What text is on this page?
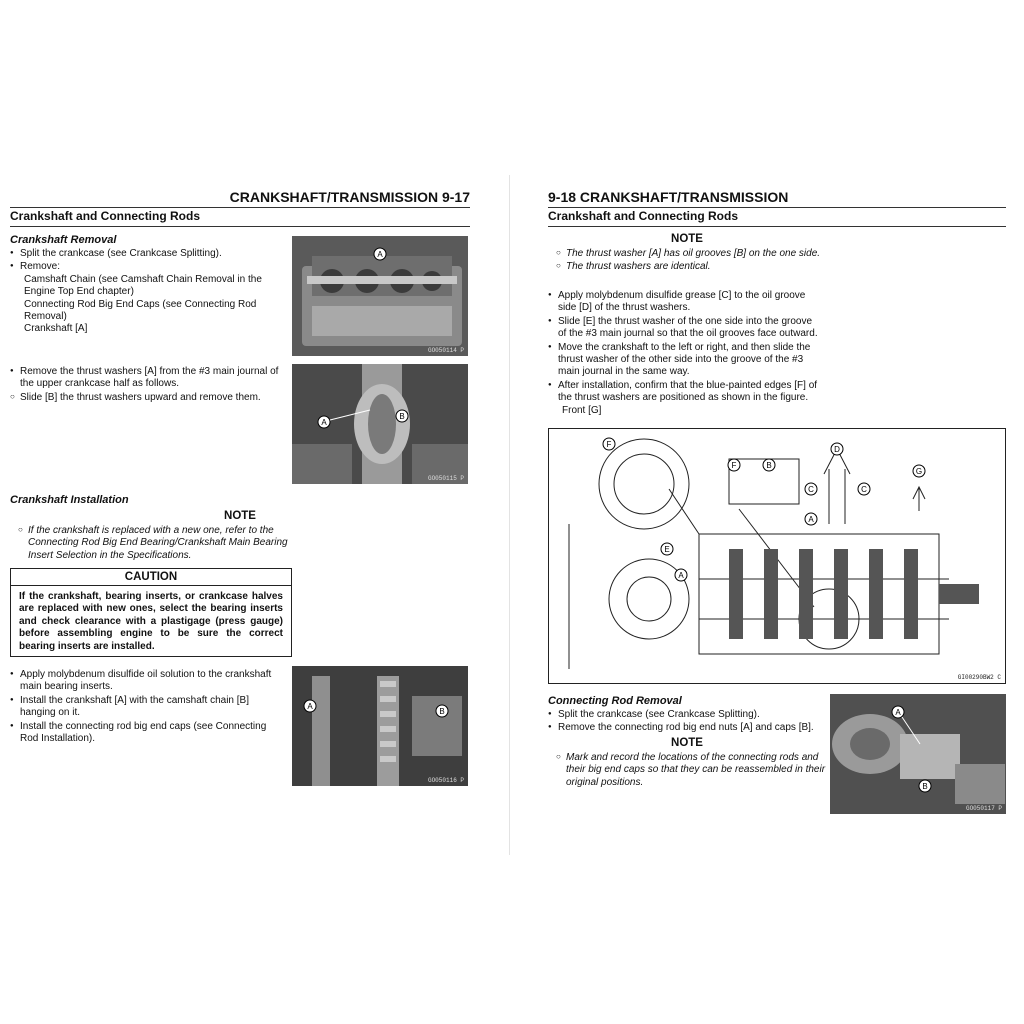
CRANKSHAFT/TRANSMISSION 9-17
Crankshaft and Connecting Rods
Crankshaft Removal
● Split the crankcase (see Crankcase Splitting).
● Remove:
Camshaft Chain (see Camshaft Chain Removal in the Engine Top End chapter)
Connecting Rod Big End Caps (see Connecting Rod Removal)
Crankshaft [A]
A
GO050114 P
● Remove the thrust washers [A] from the #3 main journal of the upper crankcase half as follows.
○ Slide [B] the thrust washers upward and remove them.
A
B
GO050115 P
Crankshaft Installation
NOTE
○ If the crankshaft is replaced with a new one, refer to the Connecting Rod Big End Bearing/Crankshaft Main Bearing Insert Selection in the Specifications.
CAUTION
If the crankshaft, bearing inserts, or crankcase halves are replaced with new ones, select the bearing inserts and check clearance with a plastigage (press gauge) before assembling engine to be sure the correct bearing inserts are installed.
● Apply molybdenum disulfide oil solution to the crankshaft main bearing inserts.
● Install the crankshaft [A] with the camshaft chain [B] hanging on it.
● Install the connecting rod big end caps (see Connecting Rod Installation).
A
B
GO050116 P
9-18 CRANKSHAFT/TRANSMISSION
Crankshaft and Connecting Rods
NOTE
○ The thrust washer [A] has oil grooves [B] on the one side.
○ The thrust washers are identical.
● Apply molybdenum disulfide grease [C] to the oil groove side [D] of the thrust washers.
● Slide [E] the thrust washer of the one side into the groove of the #3 main journal so that the oil grooves face outward.
● Move the crankshaft to the left or right, and then slide the thrust washer of the other side into the groove of the #3 main journal in the same way.
● After installation, confirm that the blue-painted edges [F] of the thrust washers are positioned as shown in the figure.
Front [G]
F
F	B
D
C	C
A
G
E
A
GI00290BW2 C
Connecting Rod Removal
● Split the crankcase (see Crankcase Splitting).
● Remove the connecting rod big end nuts [A] and caps [B].
NOTE
○ Mark and record the locations of the connecting rods and their big end caps so that they can be reassembled in their original positions.
A
B
GO050117 P
